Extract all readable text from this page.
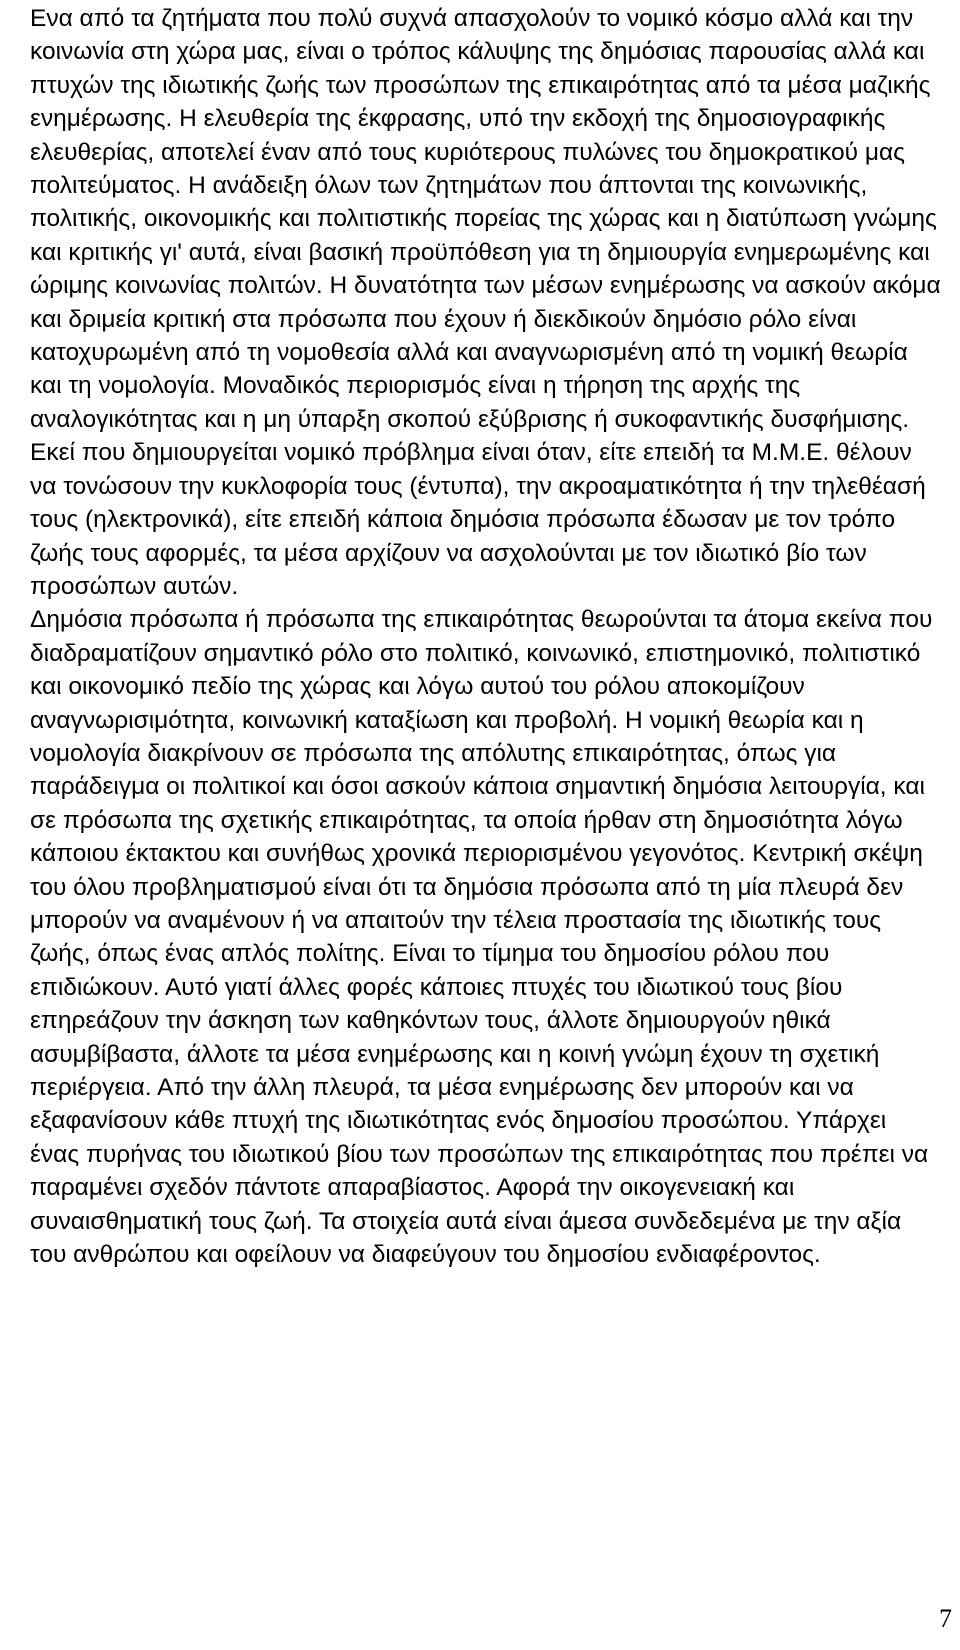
Ενα από τα ζητήματα που πολύ συχνά απασχολούν το νομικό κόσμο αλλά και την κοινωνία στη χώρα μας, είναι ο τρόπος κάλυψης της δημόσιας παρουσίας αλλά και πτυχών της ιδιωτικής ζωής των προσώπων της επικαιρότητας από τα μέσα μαζικής ενημέρωσης. Η ελευθερία της έκφρασης, υπό την εκδοχή της δημοσιογραφικής ελευθερίας, αποτελεί έναν από τους κυριότερους πυλώνες του δημοκρατικού μας πολιτεύματος. Η ανάδειξη όλων των ζητημάτων που άπτονται της κοινωνικής, πολιτικής, οικονομικής και πολιτιστικής πορείας της χώρας και η διατύπωση γνώμης και κριτικής γι' αυτά, είναι βασική προϋπόθεση για τη δημιουργία ενημερωμένης και ώριμης κοινωνίας πολιτών. Η δυνατότητα των μέσων ενημέρωσης να ασκούν ακόμα και δριμεία κριτική στα πρόσωπα που έχουν ή διεκδικούν δημόσιο ρόλο είναι κατοχυρωμένη από τη νομοθεσία αλλά και αναγνωρισμένη από τη νομική θεωρία και τη νομολογία. Μοναδικός περιορισμός είναι η τήρηση της αρχής της αναλογικότητας και η μη ύπαρξη σκοπού εξύβρισης ή συκοφαντικής δυσφήμισης.

Εκεί που δημιουργείται νομικό πρόβλημα είναι όταν, είτε επειδή τα Μ.Μ.Ε. θέλουν να τονώσουν την κυκλοφορία τους (έντυπα), την ακροαματικότητα ή την τηλεθέασή τους (ηλεκτρονικά), είτε επειδή κάποια δημόσια πρόσωπα έδωσαν με τον τρόπο ζωής τους αφορμές, τα μέσα αρχίζουν να ασχολούνται με τον ιδιωτικό βίο των προσώπων αυτών.

Δημόσια πρόσωπα ή πρόσωπα της επικαιρότητας θεωρούνται τα άτομα εκείνα που διαδραματίζουν σημαντικό ρόλο στο πολιτικό, κοινωνικό, επιστημονικό, πολιτιστικό και οικονομικό πεδίο της χώρας και λόγω αυτού του ρόλου αποκομίζουν αναγνωρισιμότητα, κοινωνική καταξίωση και προβολή. Η νομική θεωρία και η νομολογία διακρίνουν σε πρόσωπα της απόλυτης επικαιρότητας, όπως για παράδειγμα οι πολιτικοί και όσοι ασκούν κάποια σημαντική δημόσια λειτουργία, και σε πρόσωπα της σχετικής επικαιρότητας, τα οποία ήρθαν στη δημοσιότητα λόγω κάποιου έκτακτου και συνήθως χρονικά περιορισμένου γεγονότος. Κεντρική σκέψη του όλου προβληματισμού είναι ότι τα δημόσια πρόσωπα από τη μία πλευρά δεν μπορούν να αναμένουν ή να απαιτούν την τέλεια προστασία της ιδιωτικής τους ζωής, όπως ένας απλός πολίτης. Είναι το τίμημα του δημοσίου ρόλου που επιδιώκουν. Αυτό γιατί άλλες φορές κάποιες πτυχές του ιδιωτικού τους βίου επηρεάζουν την άσκηση των καθηκόντων τους, άλλοτε δημιουργούν ηθικά ασυμβίβαστα, άλλοτε τα μέσα ενημέρωσης και η κοινή γνώμη έχουν τη σχετική περιέργεια. Από την άλλη πλευρά, τα μέσα ενημέρωσης δεν μπορούν και να εξαφανίσουν κάθε πτυχή της ιδιωτικότητας ενός δημοσίου προσώπου. Υπάρχει ένας πυρήνας του ιδιωτικού βίου των προσώπων της επικαιρότητας που πρέπει να παραμένει σχεδόν πάντοτε απαραβίαστος. Αφορά την οικογενειακή και συναισθηματική τους ζωή. Τα στοιχεία αυτά είναι άμεσα συνδεδεμένα με την αξία του ανθρώπου και οφείλουν να διαφεύγουν του δημοσίου ενδιαφέροντος.

7
